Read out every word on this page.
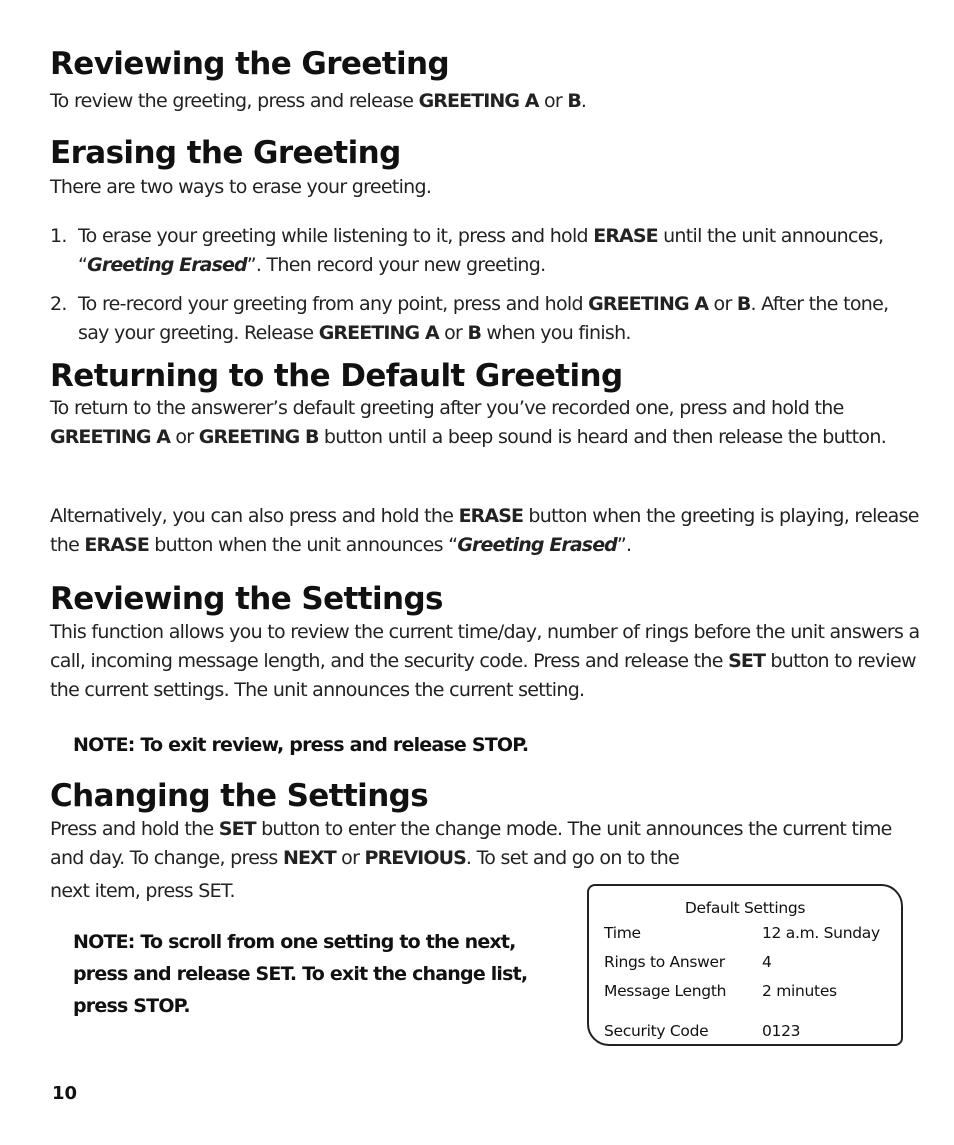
Reviewing the Greeting

To review the greeting, press and release GREETING A or B.

Erasing the Greeting

There are two ways to erase your greeting.

1. To erase your greeting while listening to it, press and hold ERASE until the unit announces, “Greeting Erased”. Then record your new greeting.
2. To re-record your greeting from any point, press and hold GREETING A or B. After the tone, say your greeting. Release GREETING A or B when you finish.
Returning to the Default Greeting

To return to the answerer’s default greeting after you’ve recorded one, press and hold the GREETING A or GREETING B button until a beep sound is heard and then release the button.

Alternatively, you can also press and hold the ERASE button when the greeting is playing, release the ERASE button when the unit announces “Greeting Erased”.

Reviewing the Settings

This function allows you to review the current time/day, number of rings before the unit answers a call, incoming message length, and the security code. Press and release the SET button to review the current settings. The unit announces the current setting.

NOTE: To exit review, press and release STOP.

Changing the Settings

Press and hold the SET button to enter the change mode. The unit announces the current time and day. To change, press NEXT or PREVIOUS. To set and go on to the

next item, press SET.

NOTE: To scroll from one setting to the next,
press and release SET. To exit the change list,
press STOP.
Default Settings
Time	12 a.m. Sunday
Rings to Answer 4
Message Length 2 minutes
Security Code	0123
10
